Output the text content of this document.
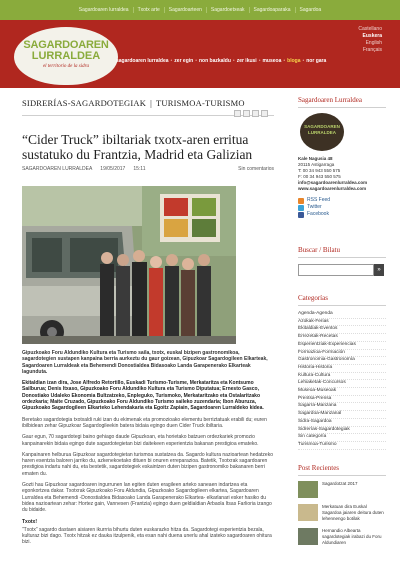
Sagardoaren lurraldea	Txotx arte	Sagardoarteen	Sagardoetxeak	Sagardoaparaka	Sagardoa
SAGARDOAREN
LURRALDEA
el territorio de la sidra
Castellano
Euskera
English
Français
sagardoaren lurraldea • zer egin • non bazkaldu • zer ikusi • museoa • bloga • nor gara
SIDRERÍAS-SAGARDOTEGIAK | TURISMOA-TURISMO
“Cider Truck” ibiltariak txotx-aren erritua sustatuko du Frantzia, Madrid eta Galizian
SAGARDOAREN LURRALDEA 19/05/2017 15:11	Sin comentarios

Gipuzkoako Foru Aldundiko Kultura eta Turismo saila, txotx, euskal bizipen gastronomikoa, sagardotegien sustapen kanpaina berria aurkeztu du gaur goizean, Gipuzkoar Sagardogileen Elkarteak, Sagardoaren Lurraldeak eta Behemendi Donostialdea Bidasoako Landa Garapenerako Elkarteak lagunduta.

Ekitaldian izan dira, Jose Alfredo Retortillo, Euskadi Turismo-Turisme, Merkataritza eta Kontsumo Sailburua; Denis Itxaso, Gipuzkoako Foru Aldundiko Kultura eta Turismo Diputatua; Ernesto Gasco, Donostiako Udaleko Ekonomia Bultzatzeko, Enpleguko, Turismoko, Merkataritzako eta Ostalaritzako ordezkaria; Maite Cruzado, Gipuzkoako Foru Aldundiko Turismo saileko zuzendaria; Ibon Aburuza, Gipuzkoako Sagardogileen Elkarteko Lehendakaria eta Egoitz Zapiain, Sagardoaren Lurraldeko kidea.

Beretako sagardotegia txotxaldi ruki izan du ekimenak eta promozioako elementu berriztatuak erabili du; euren ibilbidean zehar Gipuzkoar Sagardogileekin batera bidaia egingo duen Cider Truck ibiltaria.

Gaur egun, 70 sagardotegi baino gehiago daude Gipuzkoan, eta horietako batzuen ordezkariek promozio kanpainarekin bidaia egingo dute sagardotegietan bizi daitekeen esperientzia bakanan prestigioa emateko.

Kanpainaren helburua Gipuzkoar sagardotegietan turismoa sustatzea da. Sagardo kultura nazioartean hedatzeko haren esentzia baloren jarriko du, azkenekoetako dituen bi onuren erreparazioa. Batetik, Txotxrak sagardoaren prestigioa indartu nahi du, eta bestetik, sagardotegiek eskaintzen duten bizipen gastronomiko bakanaren berri ematen du.

Gozti hau Gipuzkoar sagardoaren ingurrunen lan egiten duten eragileen arteko saneaen indartzea eta egonkortzea dakar. Txotxrak Gipuzkoako Foru Aldundia, Gipuzkoako Sagardogileen elkartea, Sagardoaren Lurraldea eta Behemendi -Donostialdea Bidasoako Landa Garapenerako Elkartea- elkarlanari esker hasiko du bidea nazioartean zehar: Hortez gain, Vannesen (Frantzia) egingo duen geldialdian Arbaola Itsas Farlioria izango du bidaide.

Txotx!

“Txotx” sagardo dastaen aisiaren ikurrria bihurtu duten euskarazko hitza da. Sagardotegi esperientzia bezala, kulturaz bizi dago. Txotx hitzak ez dauka itzulpenik, eta esan nahi duena unerlu ahal izateko sagardoaren ohitura bizi.

Sagardoaren Lurraldea
SAGARDOAREN
LURRALDEA
Kale Nagusia 48
20115 Astigarraga
T: 00 34 943 550 575
F: 00 34 943 550 575
info@sagardoarenlurraldea.com
www.sagardoarenlurraldea.com
RSS Feed
Twitter
Facebook
Buscar / Bilatu
»
Categorías
Agenda-Agenda
Azokak-Ferias
Ekitaldiak-Eventos
Errezetak-Recetas
Esperientziak-Experiencias
Formazioa-Formación
Gastronomia-Gastronomía
Historia-Historia
Kultura-Cultura
Lehiaketak-Concursos
Museoa-Museoak
Prentsa-Prensa
Sagarra-Manzana
Sagardoa-Manzanal
Sidra-Sagardoa
Sidrerías-Sagardotegiak
Sin categoría
Turismoa-Turismo
Post Recientes
Sagardotzat 2017
Merkatuan dira Euskal Sagardoa jaiaren deitura duten lehennengo botilak
Hernandio Albearta sagardotegiak irabazi du Foru Aldundiaren
